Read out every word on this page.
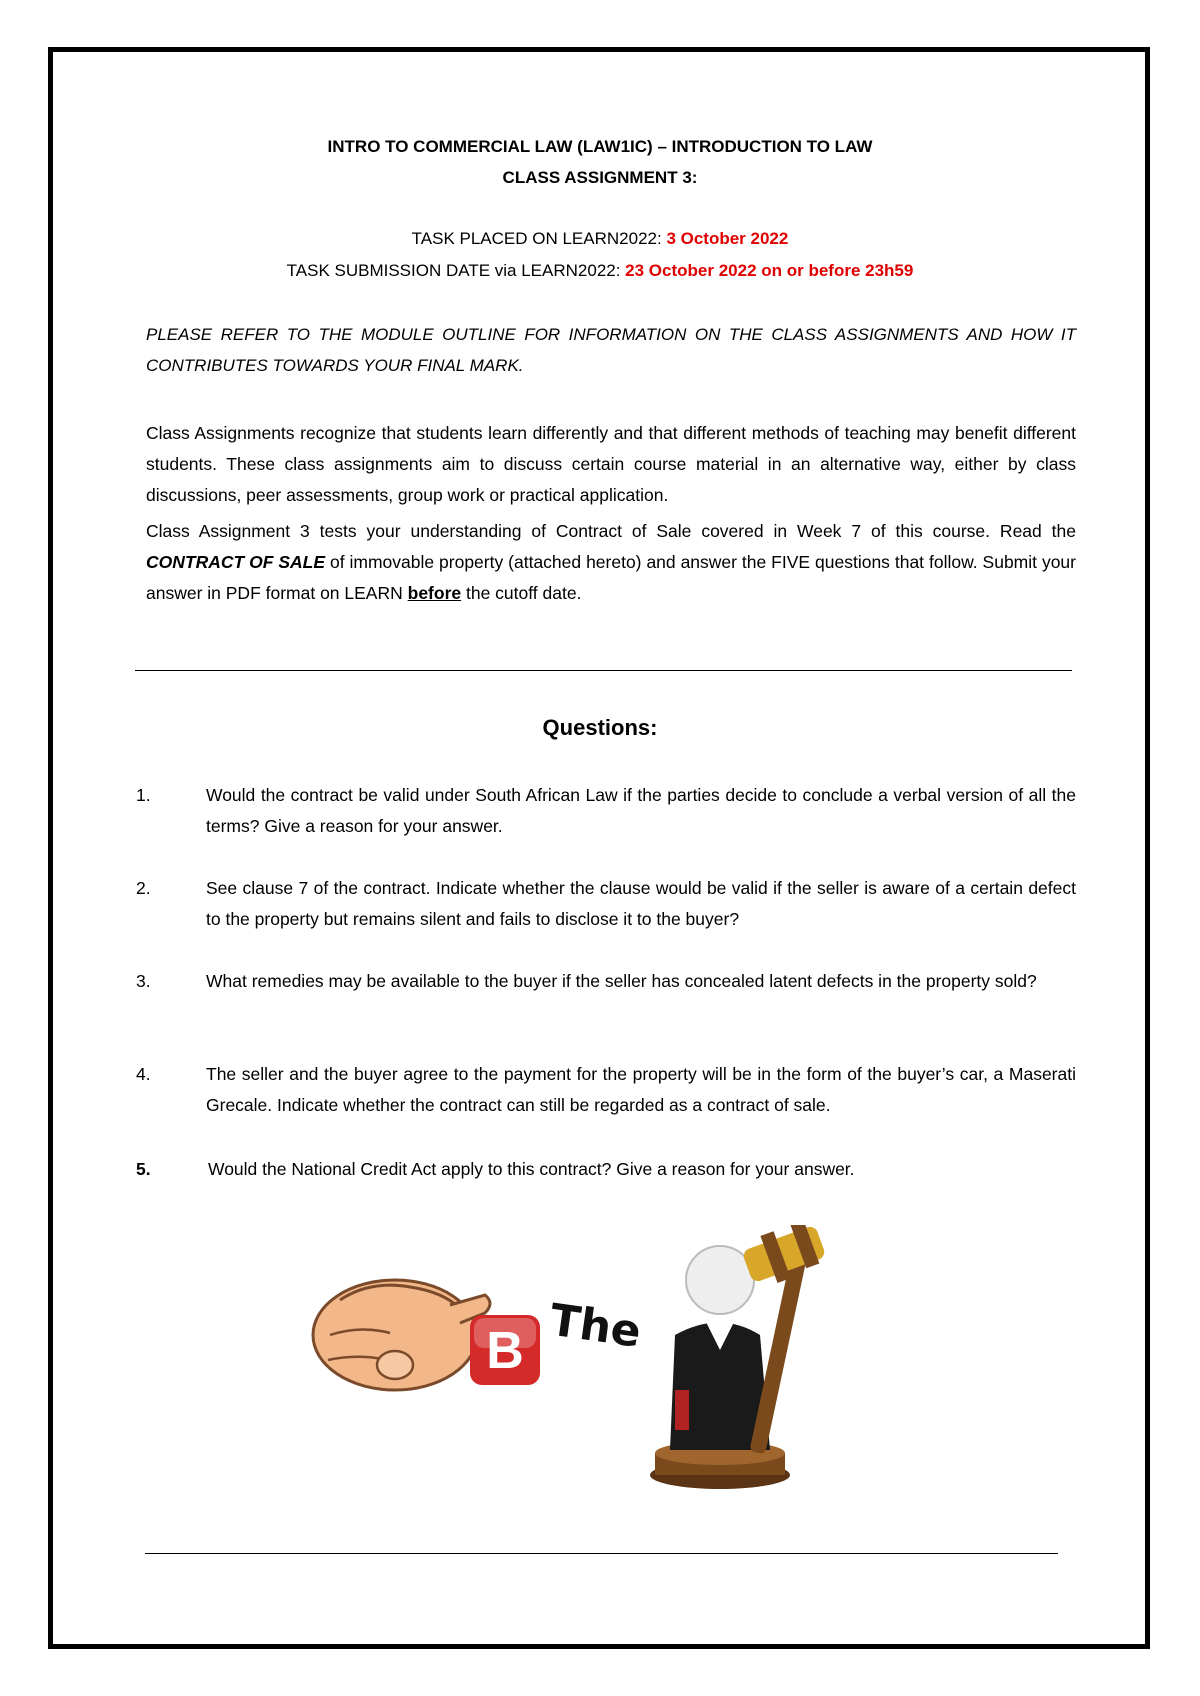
INTRO TO COMMERCIAL LAW (LAW1IC) – INTRODUCTION TO LAW
CLASS ASSIGNMENT 3:
TASK PLACED ON LEARN2022: 3 October 2022
TASK SUBMISSION DATE via LEARN2022: 23 October 2022 on or before 23h59
PLEASE REFER TO THE MODULE OUTLINE FOR INFORMATION ON THE CLASS ASSIGNMENTS AND HOW IT CONTRIBUTES TOWARDS YOUR FINAL MARK.
Class Assignments recognize that students learn differently and that different methods of teaching may benefit different students. These class assignments aim to discuss certain course material in an alternative way, either by class discussions, peer assessments, group work or practical application.
Class Assignment 3 tests your understanding of Contract of Sale covered in Week 7 of this course. Read the CONTRACT OF SALE of immovable property (attached hereto) and answer the FIVE questions that follow. Submit your answer in PDF format on LEARN before the cutoff date.
Questions:
1.	Would the contract be valid under South African Law if the parties decide to conclude a verbal version of all the terms? Give a reason for your answer.
2.	See clause 7 of the contract. Indicate whether the clause would be valid if the seller is aware of a certain defect to the property but remains silent and fails to disclose it to the buyer?
3.	What remedies may be available to the buyer if the seller has concealed latent defects in the property sold?
4.	The seller and the buyer agree to the payment for the property will be in the form of the buyer’s car, a Maserati Grecale. Indicate whether the contract can still be regarded as a contract of sale.
5.	Would the National Credit Act apply to this contract? Give a reason for your answer.
B The
